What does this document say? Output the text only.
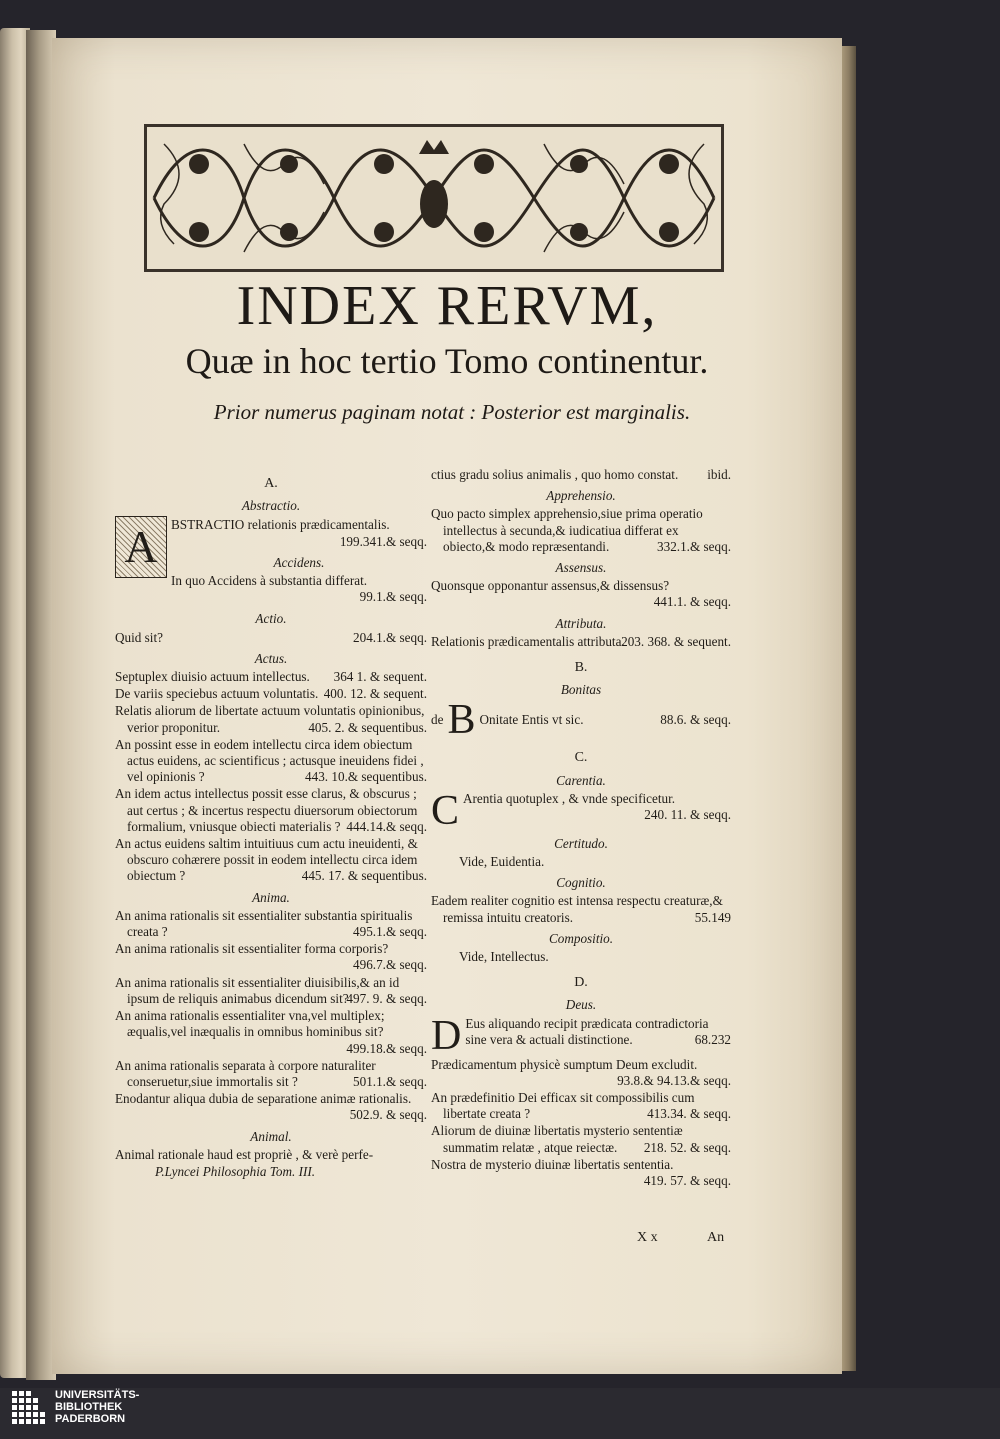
INDEX RERVM,
Quæ in hoc tertio Tomo continentur.
Prior numerus paginam notat : Posterior est marginalis.
A.
Abstractio.
A	BSTRACTIO relationis prædicamentalis.
199.341.& seqq.
Accidens.
In quo Accidens à substantia differat.
99.1.& seqq.
Actio.
Quid sit?	204.1.& seqq.
Actus.
Septuplex diuisio actuum intellectus. 364 1. & sequent.
De variis speciebus actuum voluntatis. 400. 12. & sequent.
Relatis aliorum de libertate actuum voluntatis opinionibus, verior proponitur.	405. 2. & sequentibus.
An possint esse in eodem intellectu circa idem obiectum actus euidens, ac scientificus ; actusque ineuidens fidei , vel opinionis ?	443. 10.& sequentibus.
An idem actus intellectus possit esse clarus, & obscurus ; aut certus ; & incertus respectu diuersorum obiectorum formalium, vniusque obiecti materialis ? 444.14.& seqq.
An actus euidens saltim intuitiuus cum actu ineuidenti, & obscuro cohærere possit in eodem intellectu circa idem obiectum ?	445. 17. & sequentibus.
Anima.
An anima rationalis sit essentialiter substantia spiritualis creata ?	495.1.& seqq.
An anima rationalis sit essentialiter forma corporis?
496.7.& seqq.
An anima rationalis sit essentialiter diuisibilis,& an id ipsum de reliquis animabus dicendum sit?
497. 9. & seqq.
An anima rationalis essentialiter vna,vel multiplex; æqualis,vel inæqualis in omnibus hominibus sit?
499.18.& seqq.
An anima rationalis separata à corpore naturaliter conseruetur,siue immortalis sit ?	501.1.& seqq.
Enodantur aliqua dubia de separatione animæ rationalis.
502.9. & seqq.
Animal.
Animal rationale haud est propriè , & verè perfe-
P.Lyncei Philosophia Tom. III.
ctius gradu solius animalis , quo homo constat. ibid.
Apprehensio.
Quo pacto simplex apprehensio,siue prima operatio intellectus à secunda,& iudicatiua differat ex obiecto,& modo repræsentandi.	332.1.& seqq.
Assensus.
Quonsque opponantur assensus,& dissensus?
441.1. & seqq.
Attributa.
Relationis prædicamentalis attributa.
203. 368. & sequent.
B.
Bonitas
de B Onitate Entis vt sic.	88.6. & seqq.
C.
Carentia.
C Arentia quotuplex , & vnde specificetur.
240. 11. & seqq.
Certitudo.
Vide, Euidentia.
Cognitio.
Eadem realiter cognitio est intensa respectu creaturæ,& remissa intuitu creatoris.	55.149
Compositio.
Vide, Intellectus.
D.
Deus.
D Eus aliquando recipit prædicata contradictoria sine vera & actuali distinctione.	68.232
Prædicamentum physicè sumptum Deum excludit.
93.8.& 94.13.& seqq.
An prædefinitio Dei efficax sit compossibilis cum libertate creata ?	413.34. & seqq.
Aliorum de diuinæ libertatis mysterio sententiæ summatim relatæ , atque reiectæ. 218. 52. & seqq.
Nostra de mysterio diuinæ libertatis sententia.
419. 57. & seqq.
X x	An
UNIVERSITÄTS-
BIBLIOTHEK
PADERBORN
